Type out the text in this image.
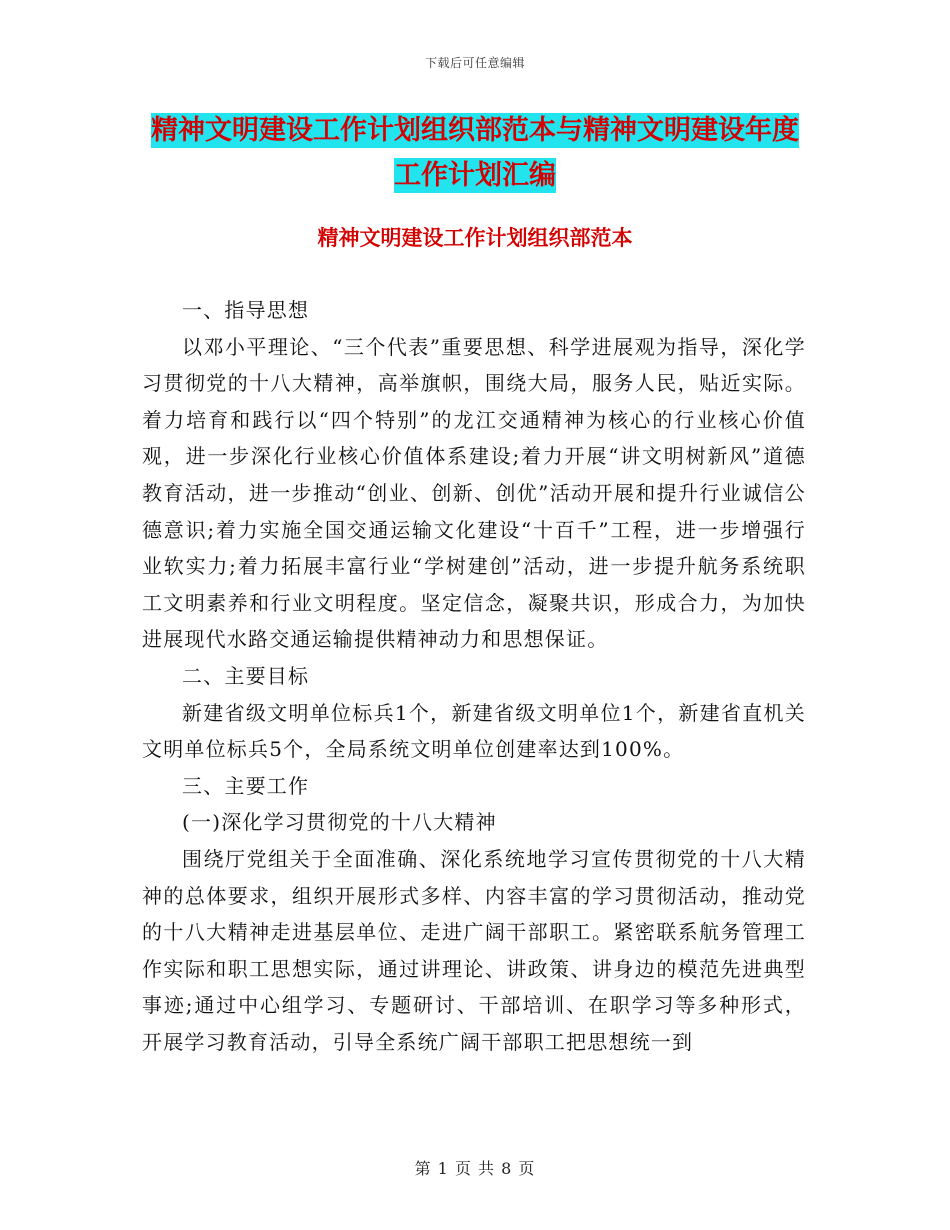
下载后可任意编辑
精神文明建设工作计划组织部范本与精神文明建设年度工作计划汇编
精神文明建设工作计划组织部范本

一、指导思想

以邓小平理论、“三个代表”重要思想、科学进展观为指导，深化学习贯彻党的十八大精神，高举旗帜，围绕大局，服务人民，贴近实际。着力培育和践行以“四个特别”的龙江交通精神为核心的行业核心价值观，进一步深化行业核心价值体系建设;着力开展“讲文明树新风”道德教育活动，进一步推动“创业、创新、创优”活动开展和提升行业诚信公德意识;着力实施全国交通运输文化建设“十百千”工程，进一步增强行业软实力;着力拓展丰富行业“学树建创”活动，进一步提升航务系统职工文明素养和行业文明程度。坚定信念，凝聚共识，形成合力，为加快进展现代水路交通运输提供精神动力和思想保证。

二、主要目标

新建省级文明单位标兵1个，新建省级文明单位1个，新建省直机关文明单位标兵5个，全局系统文明单位创建率达到100%。

三、主要工作

(一)深化学习贯彻党的十八大精神

围绕厅党组关于全面准确、深化系统地学习宣传贯彻党的十八大精神的总体要求，组织开展形式多样、内容丰富的学习贯彻活动，推动党的十八大精神走进基层单位、走进广阔干部职工。紧密联系航务管理工作实际和职工思想实际，通过讲理论、讲政策、讲身边的模范先进典型事迹;通过中心组学习、专题研讨、干部培训、在职学习等多种形式，开展学习教育活动，引导全系统广阔干部职工把思想统一到

第 1 页 共 8 页
